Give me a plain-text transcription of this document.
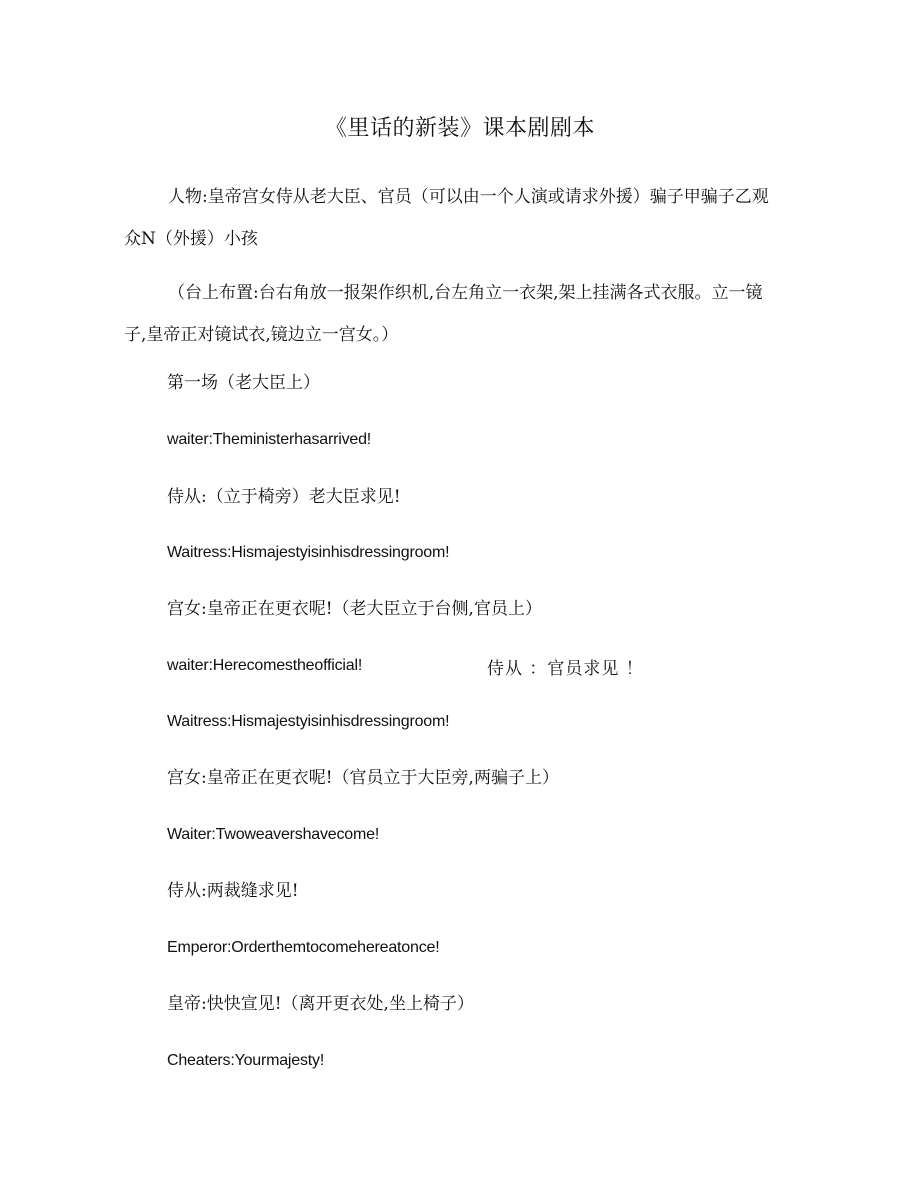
《里话的新装》课本剧剧本
人物:皇帝宫女侍从老大臣、官员（可以由一个人演或请求外援）骗子甲骗子乙观众N（外援）小孩
（台上布置:台右角放一报架作织机,台左角立一衣架,架上挂满各式衣服。立一镜子,皇帝正对镜试衣,镜边立一宫女。）
第一场（老大臣上）
waiter:Theministerhasarrived!
侍从:（立于椅旁）老大臣求见!
Waitress:Hismajestyisinhisdressingroom!
宫女:皇帝正在更衣呢!（老大臣立于台侧,官员上）
waiter:Herecomestheofficial!	侍从 ：官员求见 ！
Waitress:Hismajestyisinhisdressingroom!
宫女:皇帝正在更衣呢!（官员立于大臣旁,两骗子上）
Waiter:Twoweavershavecome!
侍从:两裁缝求见!
Emperor:Orderthemtocomehereatonce!
皇帝:快快宣见!（离开更衣处,坐上椅子）
Cheaters:Yourmajesty!
